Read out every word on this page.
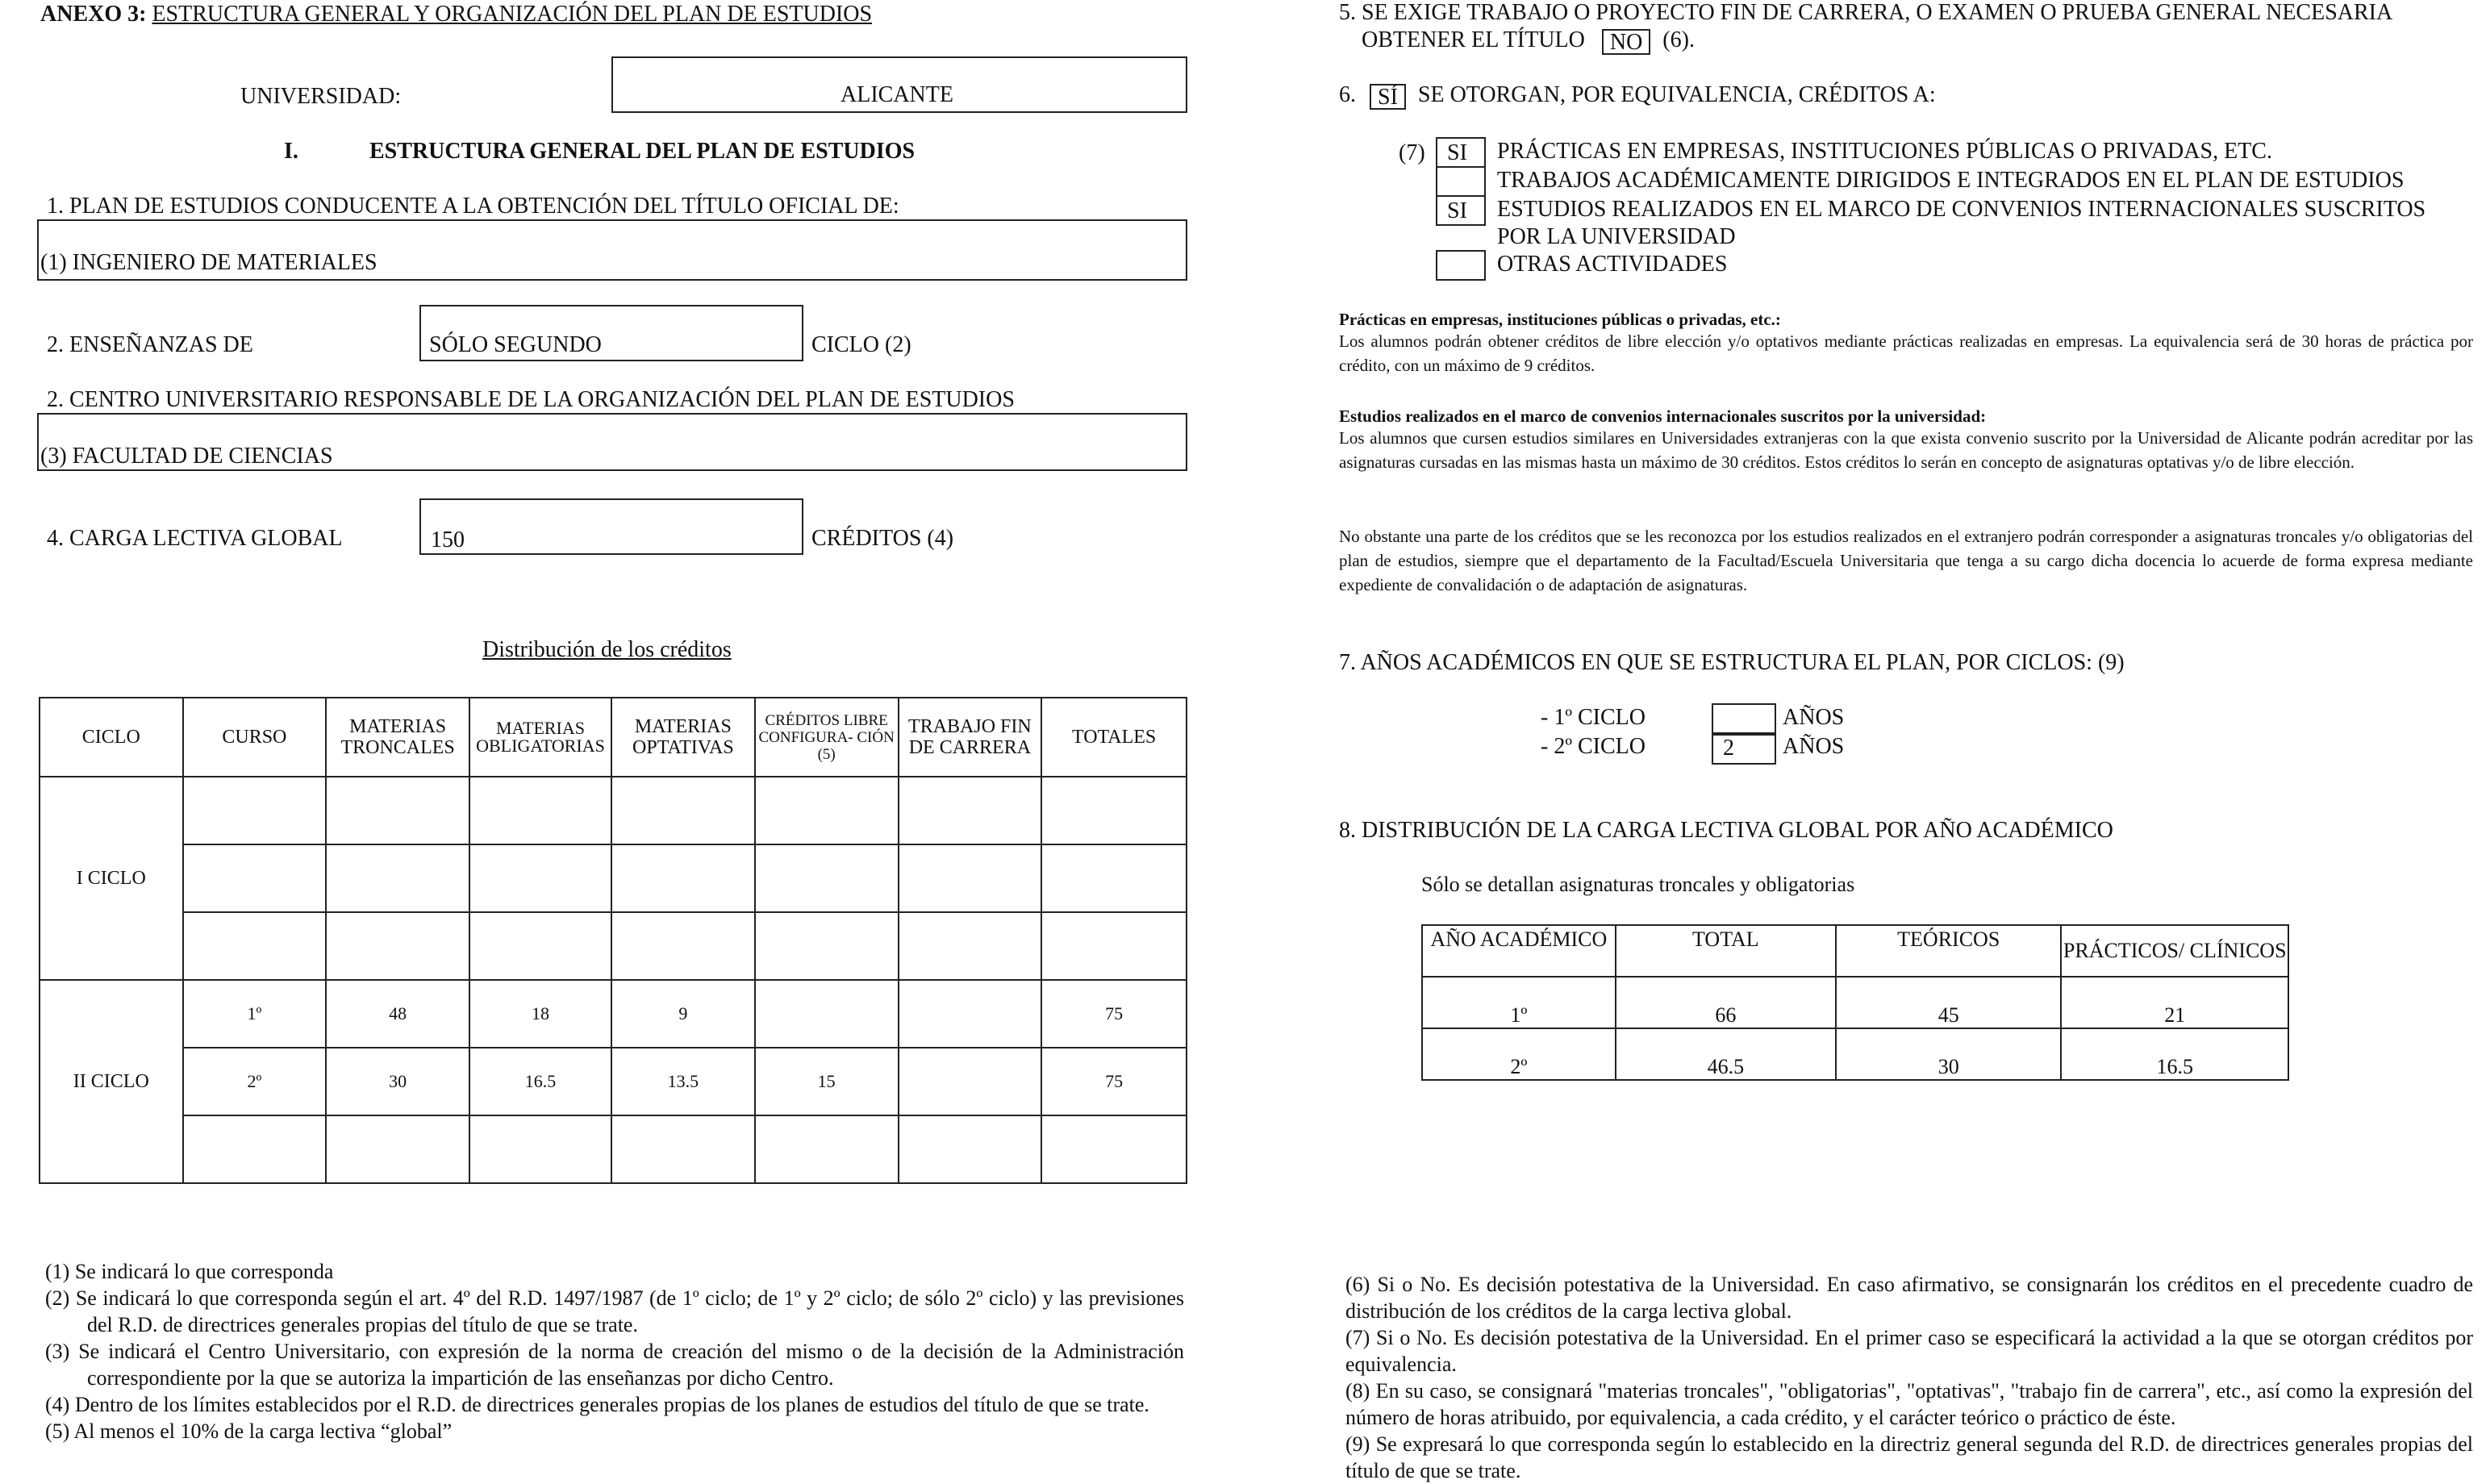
ANEXO 3: ESTRUCTURA GENERAL Y ORGANIZACIÓN DEL PLAN DE ESTUDIOS
UNIVERSIDAD:	ALICANTE
I.	ESTRUCTURA GENERAL DEL PLAN DE ESTUDIOS
1. PLAN DE ESTUDIOS CONDUCENTE A LA OBTENCIÓN DEL TÍTULO OFICIAL DE:
(1) INGENIERO DE MATERIALES
2. ENSEÑANZAS DE	SÓLO SEGUNDO	CICLO (2)
2. CENTRO UNIVERSITARIO RESPONSABLE DE LA ORGANIZACIÓN DEL PLAN DE ESTUDIOS
(3) FACULTAD DE CIENCIAS
4. CARGA LECTIVA GLOBAL	150	CRÉDITOS (4)
Distribución de los créditos
CICLO	CURSO	MATERIAS TRONCALES	MATERIAS OBLIGATORIAS	MATERIAS OPTATIVAS	CRÉDITOS LIBRE CONFIGURA- CIÓN (5)	TRABAJO FIN DE CARRERA	TOTALES
I CICLO							

II CICLO	1º	48	18	9			75
	2º	30	16.5	13.5	15		75

(1) Se indicará lo que corresponda
(2) Se indicará lo que corresponda según el art. 4º del R.D. 1497/1987 (de 1º ciclo; de 1º y 2º ciclo; de sólo 2º ciclo) y las previsiones del R.D. de directrices generales propias del título de que se trate.
(3) Se indicará el Centro Universitario, con expresión de la norma de creación del mismo o de la decisión de la Administración correspondiente por la que se autoriza la impartición de las enseñanzas por dicho Centro.
(4) Dentro de los límites establecidos por el R.D. de directrices generales propias de los planes de estudios del título de que se trate.
(5) Al menos el 10% de la carga lectiva “global”
5. SE EXIGE TRABAJO O PROYECTO FIN DE CARRERA, O EXAMEN O PRUEBA GENERAL NECESARIA
OBTENER EL TÍTULO NO (6).
6. SÍ SE OTORGAN, POR EQUIVALENCIA, CRÉDITOS A:
(7) SI PRÁCTICAS EN EMPRESAS, INSTITUCIONES PÚBLICAS O PRIVADAS, ETC.
TRABAJOS ACADÉMICAMENTE DIRIGIDOS E INTEGRADOS EN EL PLAN DE ESTUDIOS
SI ESTUDIOS REALIZADOS EN EL MARCO DE CONVENIOS INTERNACIONALES SUSCRITOS
POR LA UNIVERSIDAD
OTRAS ACTIVIDADES
Prácticas en empresas, instituciones públicas o privadas, etc.:
Los alumnos podrán obtener créditos de libre elección y/o optativos mediante prácticas realizadas en empresas. La equivalencia será de 30 horas de práctica por crédito, con un máximo de 9 créditos.
Estudios realizados en el marco de convenios internacionales suscritos por la universidad:
Los alumnos que cursen estudios similares en Universidades extranjeras con la que exista convenio suscrito por la Universidad de Alicante podrán acreditar por las asignaturas cursadas en las mismas hasta un máximo de 30 créditos. Estos créditos lo serán en concepto de asignaturas optativas y/o de libre elección.
No obstante una parte de los créditos que se les reconozca por los estudios realizados en el extranjero podrán corresponder a asignaturas troncales y/o obligatorias del plan de estudios, siempre que el departamento de la Facultad/Escuela Universitaria que tenga a su cargo dicha docencia lo acuerde de forma expresa mediante expediente de convalidación o de adaptación de asignaturas.
7. AÑOS ACADÉMICOS EN QUE SE ESTRUCTURA EL PLAN, POR CICLOS: (9)
- 1º CICLO	AÑOS
- 2º CICLO	2 AÑOS
8. DISTRIBUCIÓN DE LA CARGA LECTIVA GLOBAL POR AÑO ACADÉMICO
Sólo se detallan asignaturas troncales y obligatorias
AÑO ACADÉMICO	TOTAL	TEÓRICOS	PRÁCTICOS/ CLÍNICOS
1º	66	45	21
2º	46.5	30	16.5
(6) Si o No. Es decisión potestativa de la Universidad. En caso afirmativo, se consignarán los créditos en el precedente cuadro de distribución de los créditos de la carga lectiva global.
(7) Si o No. Es decisión potestativa de la Universidad. En el primer caso se especificará la actividad a la que se otorgan créditos por equivalencia.
(8) En su caso, se consignará "materias troncales", "obligatorias", "optativas", "trabajo fin de carrera", etc., así como la expresión del número de horas atribuido, por equivalencia, a cada crédito, y el carácter teórico o práctico de éste.
(9) Se expresará lo que corresponda según lo establecido en la directriz general segunda del R.D. de directrices generales propias del título de que se trate.
